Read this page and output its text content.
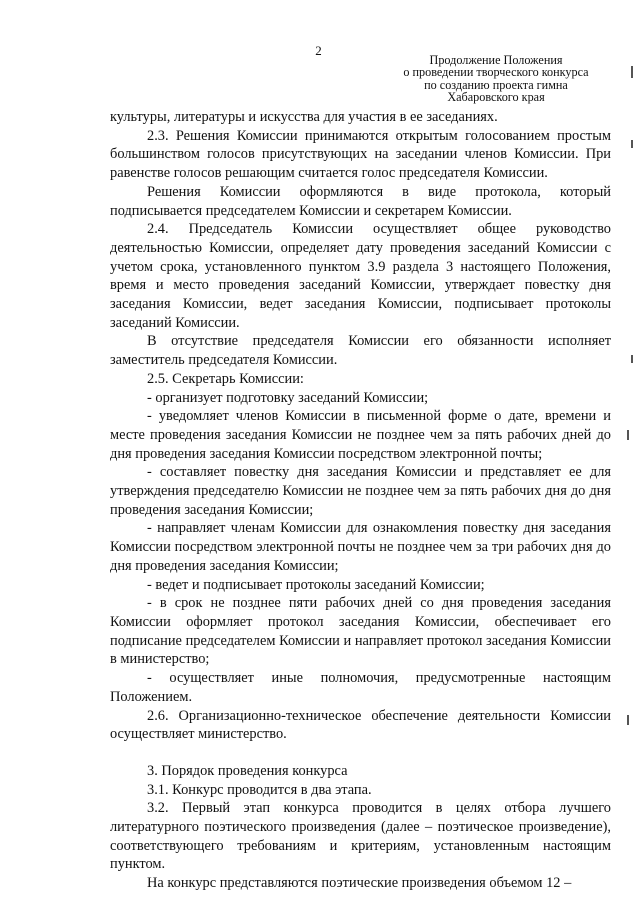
2
Продолжение Положения
о проведении творческого конкурса
по созданию проекта гимна
Хабаровского края

культуры, литературы и искусства для участия в ее заседаниях.

2.3. Решения Комиссии принимаются открытым голосованием простым большинством голосов присутствующих на заседании членов Комиссии. При равенстве голосов решающим считается голос председателя Комиссии.

Решения Комиссии оформляются в виде протокола, который подписывается председателем Комиссии и секретарем Комиссии.

2.4. Председатель Комиссии осуществляет общее руководство деятельностью Комиссии, определяет дату проведения заседаний Комиссии с учетом срока, установленного пунктом 3.9 раздела 3 настоящего Положения, время и место проведения заседаний Комиссии, утверждает повестку дня заседания Комиссии, ведет заседания Комиссии, подписывает протоколы заседаний Комиссии.

В отсутствие председателя Комиссии его обязанности исполняет заместитель председателя Комиссии.

2.5. Секретарь Комиссии:

- организует подготовку заседаний Комиссии;

- уведомляет членов Комиссии в письменной форме о дате, времени и месте проведения заседания Комиссии не позднее чем за пять рабочих дней до дня проведения заседания Комиссии посредством электронной почты;

- составляет повестку дня заседания Комиссии и представляет ее для утверждения председателю Комиссии не позднее чем за пять рабочих дня до дня проведения заседания Комиссии;

- направляет членам Комиссии для ознакомления повестку дня заседания Комиссии посредством электронной почты не позднее чем за три рабочих дня до дня проведения заседания Комиссии;

- ведет и подписывает протоколы заседаний Комиссии;

- в срок не позднее пяти рабочих дней со дня проведения заседания Комиссии оформляет протокол заседания Комиссии, обеспечивает его подписание председателем Комиссии и направляет протокол заседания Комиссии в министерство;

- осуществляет иные полномочия, предусмотренные настоящим Положением.

2.6. Организационно-техническое обеспечение деятельности Комиссии осуществляет министерство.

3. Порядок проведения конкурса

3.1. Конкурс проводится в два этапа.

3.2. Первый этап конкурса проводится в целях отбора лучшего литературного поэтического произведения (далее – поэтическое произведение), соответствующего требованиям и критериям, установленным настоящим пунктом.

На конкурс представляются поэтические произведения объемом 12 –
